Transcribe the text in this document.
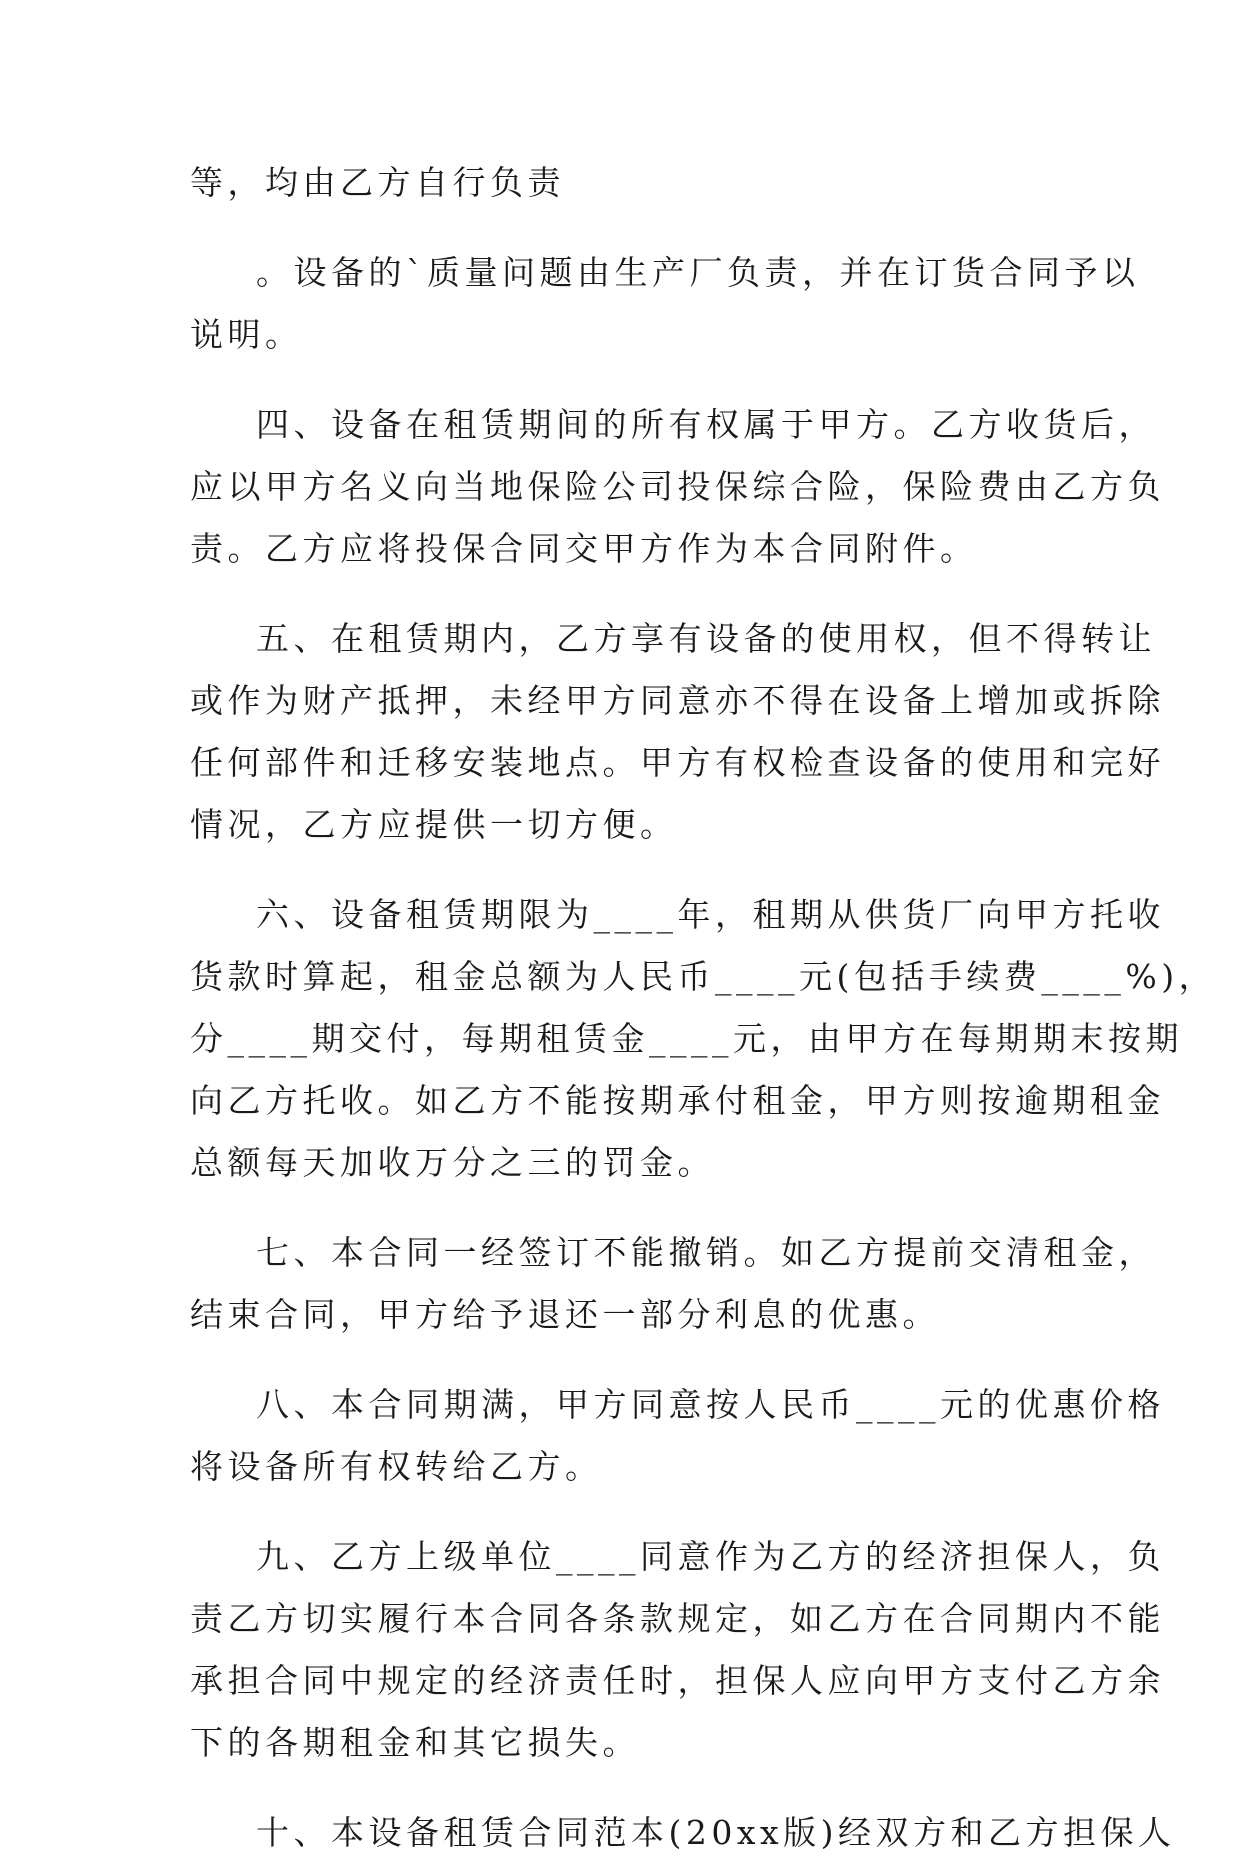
等，均由乙方自行负责
。设备的`质量问题由生产厂负责，并在订货合同予以
说明。
四、设备在租赁期间的所有权属于甲方。乙方收货后，
应以甲方名义向当地保险公司投保综合险，保险费由乙方负
责。乙方应将投保合同交甲方作为本合同附件。
五、在租赁期内，乙方享有设备的使用权，但不得转让
或作为财产抵押，未经甲方同意亦不得在设备上增加或拆除
任何部件和迁移安装地点。甲方有权检查设备的使用和完好
情况，乙方应提供一切方便。
六、设备租赁期限为____年，租期从供货厂向甲方托收
货款时算起，租金总额为人民币____元(包括手续费____%)，
分____期交付，每期租赁金____元，由甲方在每期期末按期
向乙方托收。如乙方不能按期承付租金，甲方则按逾期租金
总额每天加收万分之三的罚金。
七、本合同一经签订不能撤销。如乙方提前交清租金，
结束合同，甲方给予退还一部分利息的优惠。
八、本合同期满，甲方同意按人民币____元的优惠价格
将设备所有权转给乙方。
九、乙方上级单位____同意作为乙方的经济担保人，负
责乙方切实履行本合同各条款规定，如乙方在合同期内不能
承担合同中规定的经济责任时，担保人应向甲方支付乙方余
下的各期租金和其它损失。
十、本设备租赁合同范本(20xx版)经双方和乙方担保人
